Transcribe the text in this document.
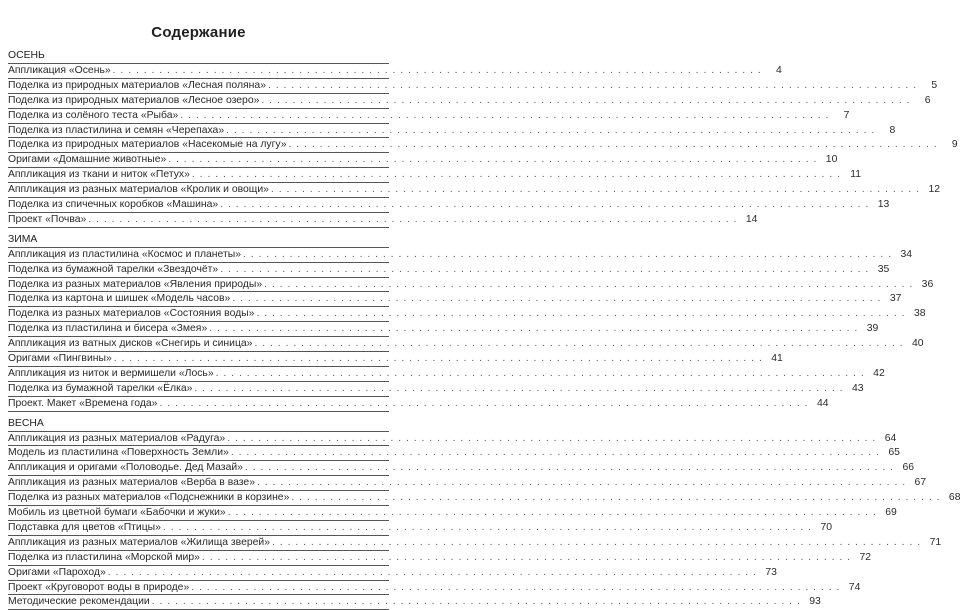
Содержание
ОСЕНЬ
Аппликация «Осень» . . .	4
Поделка из природных материалов «Лесная поляна» . . .	5
Поделка из природных материалов «Лесное озеро» . . .	6
Поделка из солёного теста «Рыба» . . .	7
Поделка из пластилина и семян «Черепаха» . . .	8
Поделка из природных материалов «Насекомые на лугу» . . .	9
Оригами «Домашние животные» . . .	10
Аппликация из ткани и ниток «Петух» . . .	11
Аппликация из разных материалов «Кролик и овощи» . . .	12
Поделка из спичечных коробков «Машина» . . .	13
Проект «Почва» . . .	14
ЗИМА
Аппликация из пластилина «Космос и планеты» . . .	34
Поделка из бумажной тарелки «Звездочёт» . . .	35
Поделка из разных материалов «Явления природы» . . .	36
Поделка из картона и шишек «Модель часов» . . .	37
Поделка из разных материалов «Состояния воды» . . .	38
Поделка из пластилина и бисера «Змея» . . .	39
Аппликация из ватных дисков «Снегирь и синица» . . .	40
Оригами «Пингвины» . . .	41
Аппликация из ниток и вермишели «Лось» . . .	42
Поделка из бумажной тарелки «Ёлка» . . .	43
Проект. Макет «Времена года» . . .	44
ВЕСНА
Аппликация из разных материалов «Радуга» . . .	64
Модель из пластилина «Поверхность Земли» . . .	65
Аппликация и оригами «Половодье. Дед Мазай» . . .	66
Аппликация из разных материалов «Верба в вазе» . . .	67
Поделка из разных материалов «Подснежники в корзине» . . .	68
Мобиль из цветной бумаги «Бабочки и жуки» . . .	69
Подставка для цветов «Птицы» . . .	70
Аппликация из разных материалов «Жилища зверей» . . .	71
Поделка из пластилина «Морской мир» . . .	72
Оригами «Пароход» . . .	73
Проект «Круговорот воды в природе» . . .	74
Методические рекомендации . . .	93
